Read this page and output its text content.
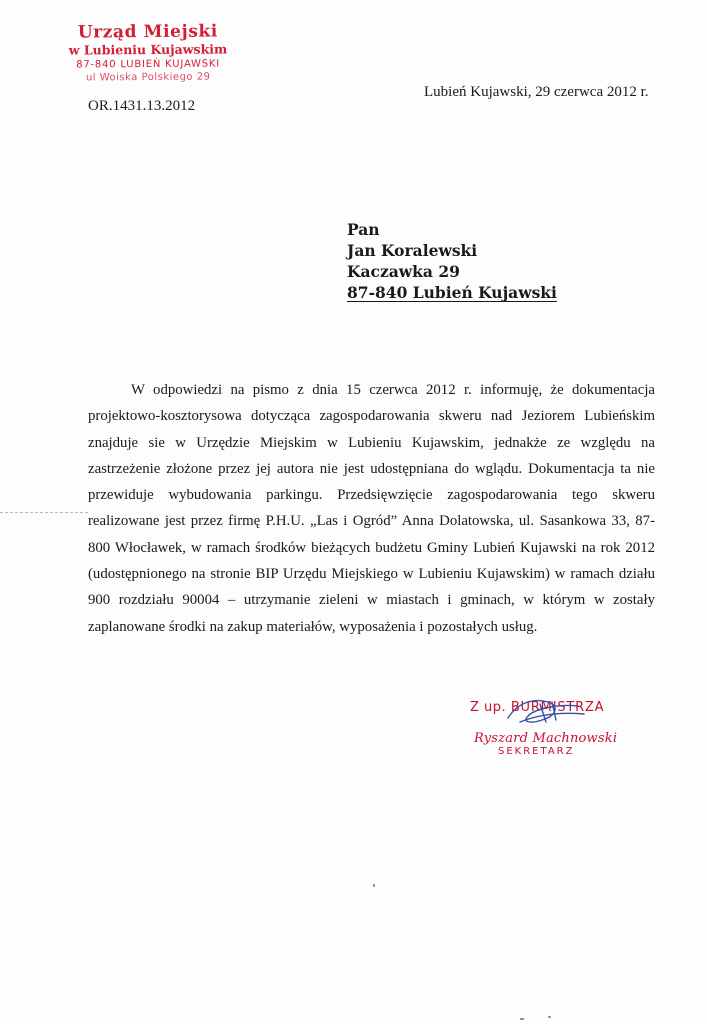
Urząd Miejski
w Lubieniu Kujawskim
87-840 LUBIEŃ KUJAWSKI
ul Woiska Polskiego 29
OR.1431.13.2012
Lubień Kujawski, 29 czerwca 2012 r.
Pan
Jan Koralewski
Kaczawka 29
87-840 Lubień Kujawski
W odpowiedzi na pismo z dnia 15 czerwca 2012 r. informuję, że dokumentacja projektowo-kosztorysowa dotycząca zagospodarowania skweru nad Jeziorem Lubieńskim znajduje sie w Urzędzie Miejskim w Lubieniu Kujawskim, jednakże ze względu na zastrzeżenie złożone przez jej autora nie jest udostępniana do wglądu. Dokumentacja ta nie przewiduje wybudowania parkingu. Przedsięwzięcie zagospodarowania tego skweru realizowane jest przez firmę P.H.U. „Las i Ogród” Anna Dolatowska, ul. Sasankowa 33, 87-800 Włocławek, w ramach środków bieżących budżetu Gminy Lubień Kujawski na rok 2012 (udostępnionego na stronie BIP Urzędu Miejskiego w Lubieniu Kujawskim) w ramach działu 900 rozdziału 90004 – utrzymanie zieleni w miastach i gminach, w którym w zostały zaplanowane środki na zakup materiałów, wyposażenia i pozostałych usług.
Z up. BURMISTRZA
Ryszard Machnowski
SEKRETARZ
